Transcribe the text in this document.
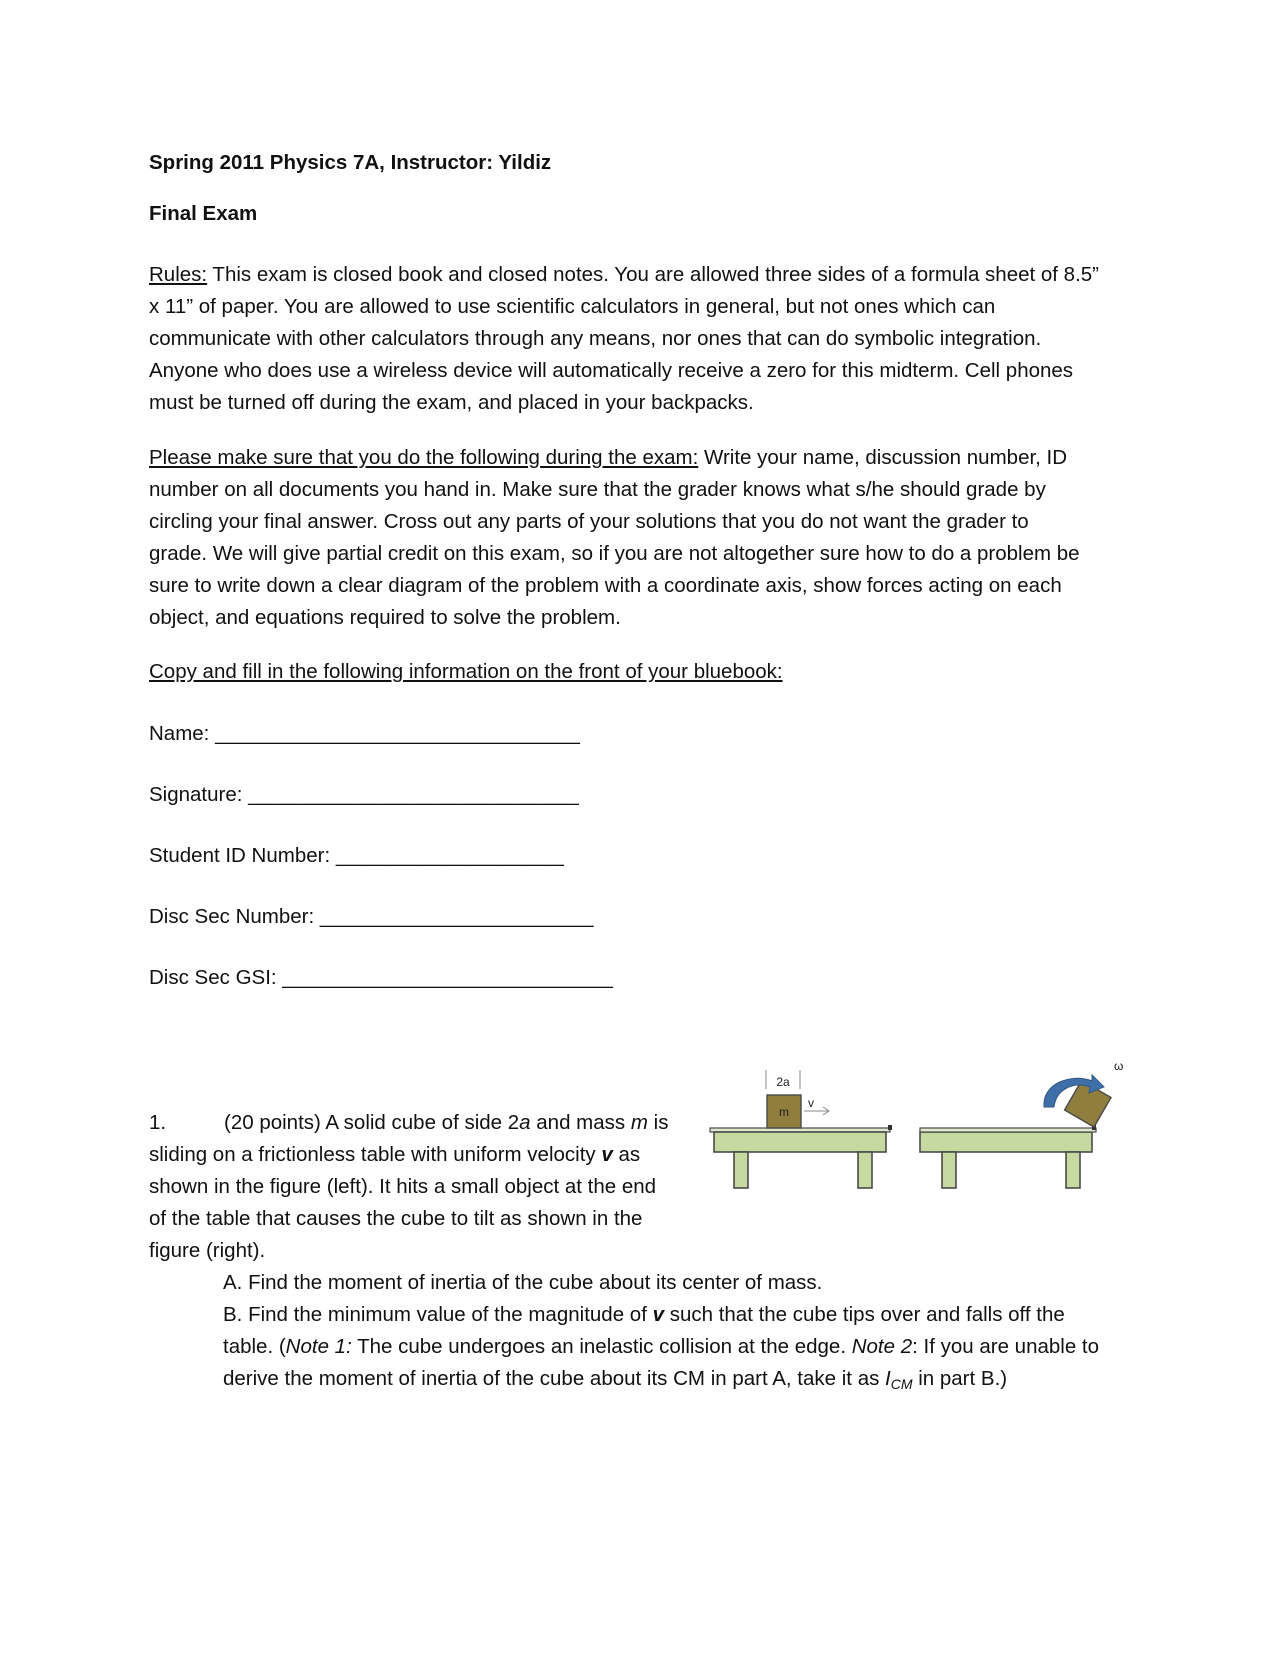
Spring 2011 Physics 7A, Instructor: Yildiz
Final Exam
Rules: This exam is closed book and closed notes. You are allowed three sides of a formula sheet of 8.5”
x 11” of paper. You are allowed to use scientific calculators in general, but not ones which can
communicate with other calculators through any means, nor ones that can do symbolic integration.
Anyone who does use a wireless device will automatically receive a zero for this midterm. Cell phones
must be turned off during the exam, and placed in your backpacks.
Please make sure that you do the following during the exam: Write your name, discussion number, ID
number on all documents you hand in. Make sure that the grader knows what s/he should grade by
circling your final answer. Cross out any parts of your solutions that you do not want the grader to
grade. We will give partial credit on this exam, so if you are not altogether sure how to do a problem be
sure to write down a clear diagram of the problem with a coordinate axis, show forces acting on each
object, and equations required to solve the problem.
Copy and fill in the following information on the front of your bluebook:
Name: ________________________________
Signature: _____________________________
Student ID Number: ____________________
Disc Sec Number: ________________________
Disc Sec GSI: _____________________________
1.	(20 points) A solid cube of side 2a and mass m is
sliding on a frictionless table with uniform velocity v as
shown in the figure (left). It hits a small object at the end
of the table that causes the cube to tilt as shown in the
figure (right).
A. Find the moment of inertia of the cube about its center of mass.
B. Find the minimum value of the magnitude of v such that the cube tips over and falls off the
table. (Note 1: The cube undergoes an inelastic collision at the edge. Note 2: If you are unable to
derive the moment of inertia of the cube about its CM in part A, take it as $I_{CM}$ in part B.)
2a
m
v
ω
